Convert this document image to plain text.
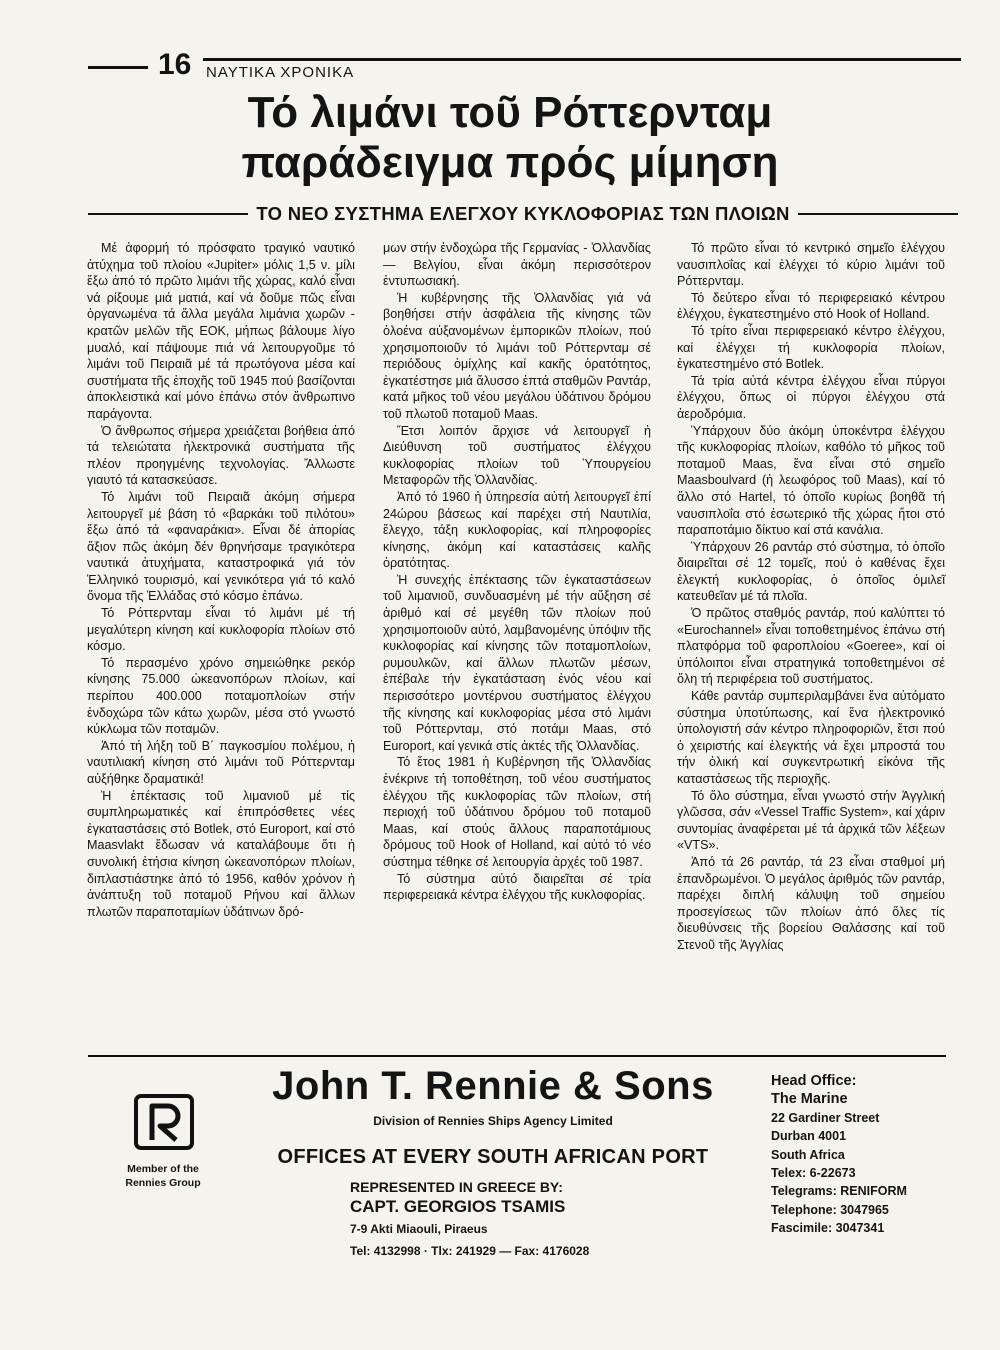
16 ΝΑΥΤΙΚΑ ΧΡΟΝΙΚΑ
Τό λιμάνι τοῦ Ρόττερνταμ
παράδειγμα πρός μίμηση
ΤΟ ΝΕΟ ΣΥΣΤΗΜΑ ΕΛΕΓΧΟΥ ΚΥΚΛΟΦΟΡΙΑΣ ΤΩΝ ΠΛΟΙΩΝ

Μέ ἀφορμή τό πρόσφατο τραγικό ναυτικό ἀτύχημα τοῦ πλοίου «Jupiter» μόλις 1,5 ν. μίλι ἔξω ἀπό τό πρῶτο λιμάνι τῆς χώρας, καλό εἶναι νά ρίξουμε μιά ματιά, καί νά δοῦμε πῶς εἶναι ὀργανωμένα τά ἄλλα μεγάλα λιμάνια χωρῶν - κρατῶν μελῶν τῆς ΕΟΚ, μήπως βάλουμε λίγο μυαλό, καί πάψουμε πιά νά λειτουργοῦμε τό λιμάνι τοῦ Πειραιᾶ μέ τά πρωτόγονα μέσα καί συστήματα τῆς ἐποχῆς τοῦ 1945 πού βασίζονται ἀποκλειστικά καί μόνο ἐπάνω στόν ἄνθρωπινο παράγοντα.

Ὁ ἄνθρωπος σήμερα χρειάζεται βοήθεια ἀπό τά τελειώτατα ἠλεκτρονικά συστήματα τῆς πλέον προηγμένης τεχνολογίας. Ἄλλωστε γιαυτό τά κατασκεύασε.

Τό λιμάνι τοῦ Πειραιᾶ ἀκόμη σήμερα λειτουργεῖ μέ βάση τό «βαρκάκι τοῦ πιλότου» ἔξω ἀπό τά «φαναράκια». Εἶναι δέ ἀπορίας ἄξιον πῶς ἀκόμη δέν θρηνήσαμε τραγικότερα ναυτικά ἀτυχήματα, καταστροφικά γιά τόν Ἑλληνικό τουρισμό, καί γενικότερα γιά τό καλό ὄνομα τῆς Ἑλλάδας στό κόσμο ἐπάνω.

Τό Ρόττερνταμ εἶναι τό λιμάνι μέ τή μεγαλύτερη κίνηση καί κυκλοφορία πλοίων στό κόσμο.

Τό περασμένο χρόνο σημειώθηκε ρεκόρ κίνησης 75.000 ὠκεανοπόρων πλοίων, καί περίπου 400.000 ποταμοπλοίων στήν ἐνδοχώρα τῶν κάτω χωρῶν, μέσα στό γνωστό κύκλωμα τῶν ποταμῶν.

Ἀπό τή λήξη τοῦ Β΄ παγκοσμίου πολέμου, ἡ ναυτιλιακή κίνηση στό λιμάνι τοῦ Ρόττερνταμ αὐξήθηκε δραματικά!

Ἡ ἐπέκτασις τοῦ λιμανιοῦ μέ τίς συμπληρωματικές καί ἐπιπρόσθετες νέες ἐγκαταστάσεις στό Botlek, στό Europort, καί στό Maasvlakt ἔδωσαν νά καταλάβουμε ὅτι ἡ συνολική ἐτήσια κίνηση ὠκεανοπόρων πλοίων, διπλαστιάστηκε ἀπό τό 1956, καθόν χρόνον ἡ ἀνάπτυξη τοῦ ποταμοῦ Ρήνου καί ἄλλων πλωτῶν παραποταμίων ὑδάτινων δρό-

μων στήν ἐνδοχώρα τῆς Γερμανίας - Ὀλλανδίας — Βελγίου, εἶναι ἀκόμη περισσότερον ἐντυπωσιακή.

Ἡ κυβέρνησης τῆς Ὀλλανδίας γιά νά βοηθήσει στήν ἀσφάλεια τῆς κίνησης τῶν ὁλοένα αὐξανομένων ἐμπορικῶν πλοίων, πού χρησιμοποιοῦν τό λιμάνι τοῦ Ρόττερνταμ σέ περιόδους ὁμίχλης καί κακῆς ὁρατότητος, ἐγκατέστησε μιά ἄλυσσο ἑπτά σταθμῶν Ραντάρ, κατά μῆκος τοῦ νέου μεγάλου ὑδάτινου δρόμου τοῦ πλωτοῦ ποταμοῦ Maas.

Ἔτσι λοιπόν ἄρχισε νά λειτουργεῖ ἡ Διεύθυνση τοῦ συστήματος ἐλέγχου κυκλοφορίας πλοίων τοῦ Ὑπουργείου Μεταφορῶν τῆς Ὀλλανδίας.

Ἀπό τό 1960 ἡ ὑπηρεσία αὐτή λειτουργεῖ ἐπί 24ώρου βάσεως καί παρέχει στή Ναυτιλία, ἔλεγχο, τάξη κυκλοφορίας, καί πληροφορίες κίνησης, ἀκόμη καί καταστάσεις καλῆς ὁρατότητας.

Ἡ συνεχής ἐπέκτασης τῶν ἐγκαταστάσεων τοῦ λιμανιοῦ, συνδυασμένη μέ τήν αὔξηση σέ ἀριθμό καί σέ μεγέθη τῶν πλοίων πού χρησιμοποιοῦν αὐτό, λαμβανομένης ὑπόψιν τῆς κυκλοφορίας καί κίνησης τῶν ποταμοπλοίων, ρυμουλκῶν, καί ἄλλων πλωτῶν μέσων, ἐπέβαλε τήν ἐγκατάσταση ἑνός νέου καί περισσότερο μοντέρνου συστήματος ἐλέγχου τῆς κίνησης καί κυκλοφορίας μέσα στό λιμάνι τοῦ Ρόττερνταμ, στό ποτάμι Maas, στό Europort, καί γενικά στίς ἀκτές τῆς Ὀλλανδίας.

Τό ἔτος 1981 ἡ Κυβέρνηση τῆς Ὀλλανδίας ἐνέκρινε τή τοποθέτηση, τοῦ νέου συστήματος ἐλέγχου τῆς κυκλοφορίας τῶν πλοίων, στή περιοχή τοῦ ὑδάτινου δρόμου τοῦ ποταμοῦ Maas, καί στούς ἄλλους παραποτάμιους δρόμους τοῦ Hook of Holland, καί αὐτό τό νέο σύστημα τέθηκε σέ λειτουργία ἀρχές τοῦ 1987.

Τό σύστημα αὐτό διαιρεῖται σέ τρία περιφερειακά κέντρα ἐλέγχου τῆς κυκλοφορίας.

Τό πρῶτο εἶναι τό κεντρικό σημεῖο ἐλέγχου ναυσιπλοΐας καί ἐλέγχει τό κύριο λιμάνι τοῦ Ρόττερνταμ.

Τό δεύτερο εἶναι τό περιφερειακό κέντρου ἐλέγχου, ἐγκατεστημένο στό Hook of Holland.

Τό τρίτο εἶναι περιφερειακό κέντρο ἐλέγχου, καί ἐλέγχει τή κυκλοφορία πλοίων, ἐγκατεστημένο στό Botlek.

Τά τρία αὐτά κέντρα ἐλέγχου εἶναι πύργοι ἐλέγχου, ὅπως οἱ πύργοι ἐλέγχου στά ἀεροδρόμια.

Ὑπάρχουν δύο ἀκόμη ὑποκέντρα ἐλέγχου τῆς κυκλοφορίας πλοίων, καθόλο τό μῆκος τοῦ ποταμοῦ Maas, ἕνα εἶναι στό σημεῖο Maasboulvard (ἡ λεωφόρος τοῦ Maas), καί τό ἄλλο στό Hartel, τό ὁποῖο κυρίως βοηθᾶ τή ναυσιπλοΐα στό ἐσωτερικό τῆς χώρας ἤτοι στό παραποτάμιο δίκτυο καί στά κανάλια.

Ὑπάρχουν 26 ραντάρ στό σύστημα, τό ὁποῖο διαιρεῖται σέ 12 τομεῖς, πού ὁ καθένας ἔχει ἐλεγκτή κυκλοφορίας, ὁ ὁποῖος ὁμιλεῖ κατευθεῖαν μέ τά πλοῖα.

Ὁ πρῶτος σταθμός ραντάρ, πού καλύπτει τό «Eurochannel» εἶναι τοποθετημένος ἐπάνω στή πλατφόρμα τοῦ φαροπλοίου «Goeree», καί οἱ ὑπόλοιποι εἶναι στρατηγικά τοποθετημένοι σέ ὅλη τή περιφέρεια τοῦ συστήματος.

Κάθε ραντάρ συμπεριλαμβάνει ἕνα αὐτόματο σύστημα ὑποτύπωσης, καί ἕνα ἠλεκτρονικό ὑπολογιστή σάν κέντρο πληροφοριῶν, ἔτσι πού ὁ χειριστής καί ἐλεγκτής νά ἔχει μπροστά του τήν ὁλική καί συγκεντρωτική εἰκόνα τῆς καταστάσεως τῆς περιοχῆς.

Τό ὅλο σύστημα, εἶναι γνωστό στήν Ἀγγλική γλῶσσα, σάν «Vessel Traffic System», καί χάριν συντομίας ἀναφέρεται μέ τά ἀρχικά τῶν λέξεων «VTS».

Ἀπό τά 26 ραντάρ, τά 23 εἶναι σταθμοί μή ἐπανδρωμένοι. Ὁ μεγάλος ἀριθμός τῶν ραντάρ, παρέχει διπλή κάλυψη τοῦ σημείου προσεγίσεως τῶν πλοίων ἀπό ὅλες τίς διευθύνσεις τῆς βορείου Θαλάσσης καί τοῦ Στενοῦ τῆς Ἀγγλίας

Member of the
Rennies Group
John T. Rennie & Sons
Division of Rennies Ships Agency Limited
OFFICES AT EVERY SOUTH AFRICAN PORT
REPRESENTED IN GREECE BY:
CAPT. GEORGIOS TSAMIS
7-9 Akti Miaouli, Piraeus
Tel: 4132998 · Tlx: 241929 — Fax: 4176028
Head Office:
The Marine
22 Gardiner Street
Durban 4001
South Africa
Telex: 6-22673
Telegrams: RENIFORM
Telephone: 3047965
Fascimile: 3047341
